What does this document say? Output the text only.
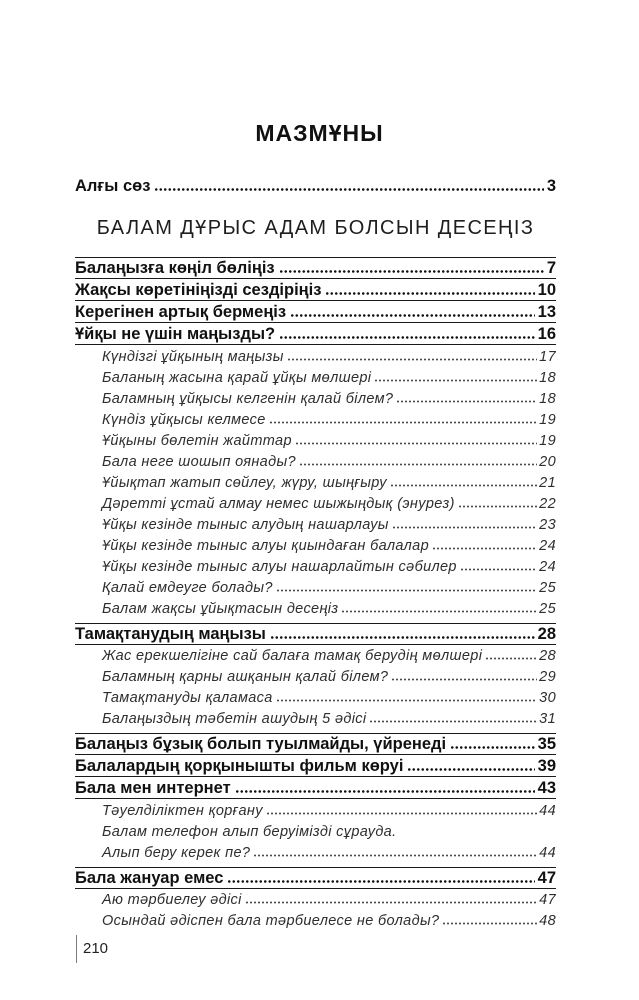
МАЗМҰНЫ
Алғы сөз	3
БАЛАМ ДҰРЫС АДАМ БОЛСЫН ДЕСЕҢІЗ
Балаңызға көңіл бөліңіз	7
Жақсы көретініңізді сездіріңіз	10
Керегінен артық бермеңіз	13
Ұйқы не үшін маңызды?	16
Күндізгі ұйқының маңызы	17
Баланың жасына қарай ұйқы мөлшері	18
Баламның ұйқысы келгенін қалай білем?	18
Күндіз ұйқысы келмесе	19
Ұйқыны бөлетін жайттар	19
Бала неге шошып оянады?	20
Ұйықтап жатып сөйлеу, жүру, шыңғыру	21
Дәретті ұстай алмау немес шыжыңдық (энурез)	22
Ұйқы кезінде тыныс алудың нашарлауы	23
Ұйқы кезінде тыныс алуы қиындаған балалар	24
Ұйқы кезінде тыныс алуы нашарлайтын сәбилер	24
Қалай емдеуге болады?	25
Балам жақсы ұйықтасын десеңіз	25
Тамақтанудың маңызы	28
Жас ерекшелігіне сай балаға тамақ берудің мөлшері	28
Баламның қарны ашқанын қалай білем?	29
Тамақтануды қаламаса	30
Балаңыздың тәбетін ашудың 5 әдісі	31
Балаңыз бұзық болып туылмайды, үйренеді	35
Балалардың қорқынышты фильм көруі	39
Бала мен интернет	43
Тәуелділіктен қорғану	44
Балам телефон алып беруімізді сұрауда.
Алып беру керек пе?	44
Бала жануар емес	47
Аю тәрбиелеу әдісі	47
Осындай әдіспен бала тәрбиелесе не болады?	48
210
